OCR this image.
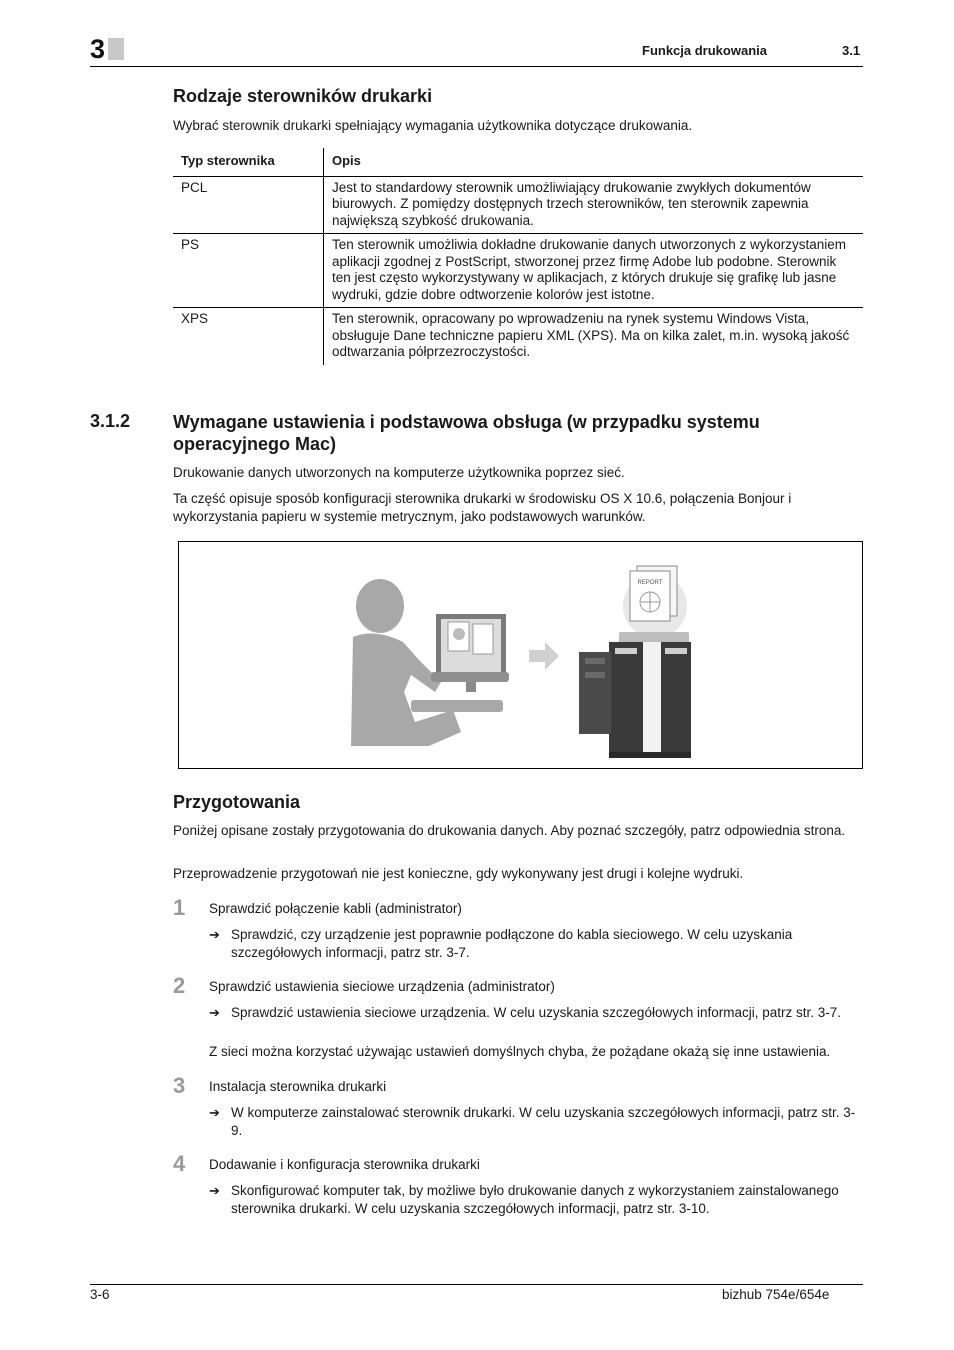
3	Funkcja drukowania	3.1
Rodzaje sterowników drukarki
Wybrać sterownik drukarki spełniający wymagania użytkownika dotyczące drukowania.
Typ sterownika	Opis
PCL	Jest to standardowy sterownik umożliwiający drukowanie zwykłych dokumentów biurowych. Z pomiędzy dostępnych trzech sterowników, ten sterownik zapewnia największą szybkość drukowania.
PS	Ten sterownik umożliwia dokładne drukowanie danych utworzonych z wykorzystaniem aplikacji zgodnej z PostScript, stworzonej przez firmę Adobe lub podobne. Sterownik ten jest często wykorzystywany w aplikacjach, z których drukuje się grafikę lub jasne wydruki, gdzie dobre odtworzenie kolorów jest istotne.
XPS	Ten sterownik, opracowany po wprowadzeniu na rynek systemu Windows Vista, obsługuje Dane techniczne papieru XML (XPS). Ma on kilka zalet, m.in. wysoką jakość odtwarzania półprzezroczystości.
3.1.2 Wymagane ustawienia i podstawowa obsługa (w przypadku systemu operacyjnego Mac)
Drukowanie danych utworzonych na komputerze użytkownika poprzez sieć.
Ta część opisuje sposób konfiguracji sterownika drukarki w środowisku OS X 10.6, połączenia Bonjour i wykorzystania papieru w systemie metrycznym, jako podstawowych warunków.
REPORT
Przygotowania
Poniżej opisane zostały przygotowania do drukowania danych. Aby poznać szczegóły, patrz odpowiednia strona.
Przeprowadzenie przygotowań nie jest konieczne, gdy wykonywany jest drugi i kolejne wydruki.
1 Sprawdzić połączenie kabli (administrator)
➔ Sprawdzić, czy urządzenie jest poprawnie podłączone do kabla sieciowego. W celu uzyskania szczegółowych informacji, patrz str. 3-7.
2 Sprawdzić ustawienia sieciowe urządzenia (administrator)
➔ Sprawdzić ustawienia sieciowe urządzenia. W celu uzyskania szczegółowych informacji, patrz str. 3-7.
Z sieci można korzystać używając ustawień domyślnych chyba, że pożądane okażą się inne ustawienia.
3 Instalacja sterownika drukarki
➔ W komputerze zainstalować sterownik drukarki. W celu uzyskania szczegółowych informacji, patrz str. 3-9.
4 Dodawanie i konfiguracja sterownika drukarki
➔ Skonfigurować komputer tak, by możliwe było drukowanie danych z wykorzystaniem zainstalowanego sterownika drukarki. W celu uzyskania szczegółowych informacji, patrz str. 3-10.
3-6	bizhub 754e/654e
